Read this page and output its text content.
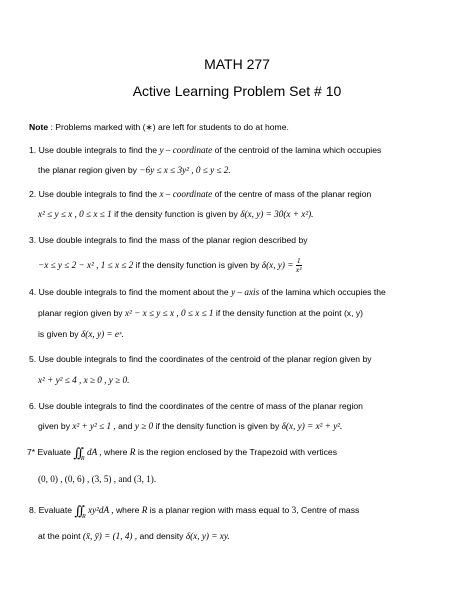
MATH 277
Active Learning Problem Set # 10
Note : Problems marked with (∗) are left for students to do at home.
1. Use double integrals to find the y – coordinate of the centroid of the lamina which occupies
the planar region given by −6y ≤ x ≤ 3y² , 0 ≤ y ≤ 2.
2. Use double integrals to find the x – coordinate of the centre of mass of the planar region
x² ≤ y ≤ x , 0 ≤ x ≤ 1 if the density function is given by δ(x, y) = 30(x + x²).
3. Use double integrals to find the mass of the planar region described by
−x ≤ y ≤ 2 − x² , 1 ≤ x ≤ 2 if the density function is given by δ(x, $y) = \frac{1}{\text{x²}}$
4. Use double integrals to find the moment about the y – axis of the lamina which occupies the
planar region given by x² − x ≤ y ≤ x , 0 ≤ x ≤ 1 if the density function at the point (x, y)
is given by δ(x, y) = eˣ.
5. Use double integrals to find the coordinates of the centroid of the planar region given by
x² + y² ≤ 4 , x ≥ 0 , y ≥ 0.
6. Use double integrals to find the coordinates of the centre of mass of the planar region
given by x² + y² ≤ 1 , and y ≥ 0 if the density function is given by δ(x, y) = x² + y².
7* Evaluate $\int\int_R$ dA , where R is the region enclosed by the Trapezoid with vertices
(0, 0) , (0, 6) , (3, 5) , and (3, 1).
8. Evaluate $\int\int_R$ xy²dA , where R is a planar region with mass equal to 3, Centre of mass
at the point (x̄, ȳ) = (1, 4) , and density δ(x, y) = xy.
